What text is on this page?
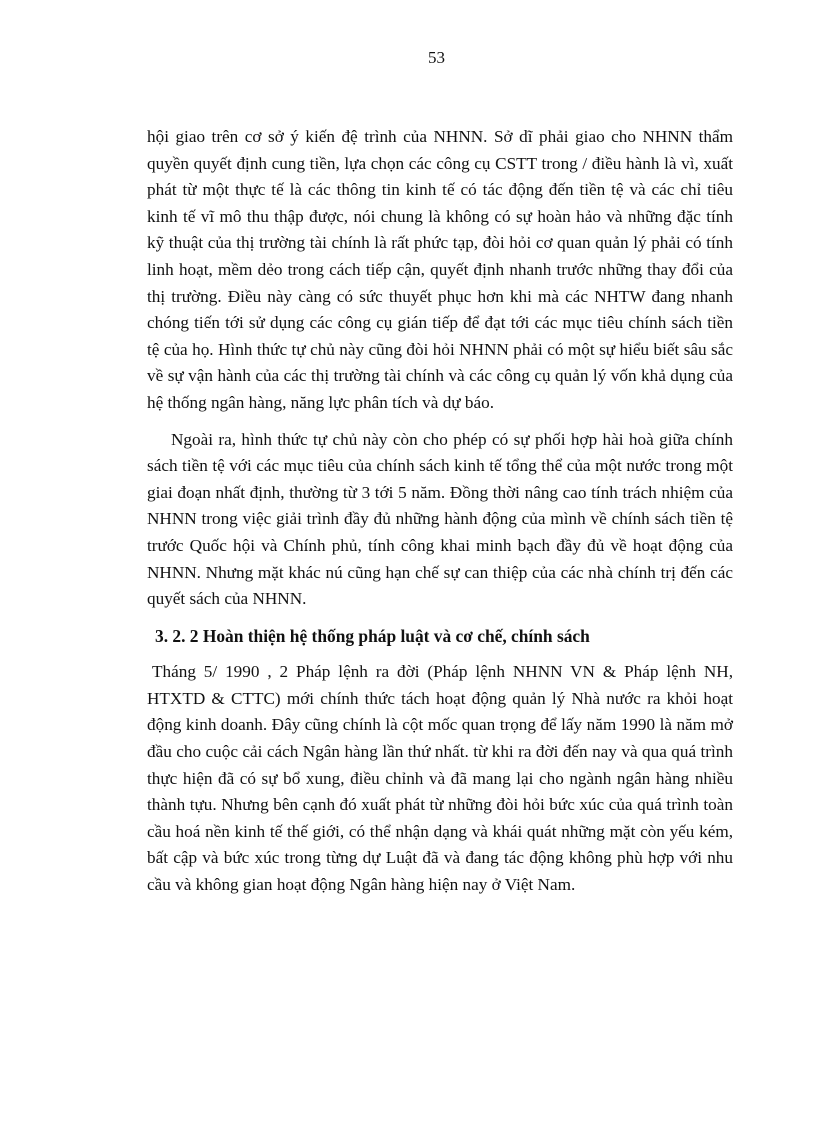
53

hội giao trên cơ sở ý kiến đệ trình của NHNN. Sở dĩ phải giao cho NHNN thẩm quyền quyết định cung tiền, lựa chọn các công cụ CSTT trong / điều hành là vì, xuất phát từ một thực tế là các thông tin kinh tế có tác động đến tiền tệ và các chỉ tiêu kinh tế vĩ mô thu thập được, nói chung là không có sự hoàn hảo và những đặc tính kỹ thuật của thị trường tài chính là rất phức tạp, đòi hỏi cơ quan quản lý phải có tính linh hoạt, mềm dẻo trong cách tiếp cận, quyết định nhanh trước những thay đổi của thị trường. Điều này càng có sức thuyết phục hơn khi mà các NHTW đang nhanh chóng tiến tới sử dụng các công cụ gián tiếp để đạt tới các mục tiêu chính sách tiền tệ của họ. Hình thức tự chủ này cũng đòi hỏi NHNN phải có một sự hiểu biết sâu sắc về sự vận hành của các thị trường tài chính và các công cụ quản lý vốn khả dụng của hệ thống ngân hàng, năng lực phân tích và dự báo.

Ngoài ra, hình thức tự chủ này còn cho phép có sự phối hợp hài hoà giữa chính sách tiền tệ với các mục tiêu của chính sách kinh tế tổng thể của một nước trong một giai đoạn nhất định, thường từ 3 tới 5 năm. Đồng thời nâng cao tính trách nhiệm của NHNN trong việc giải trình đầy đủ những hành động của mình về chính sách tiền tệ trước Quốc hội và Chính phủ, tính công khai minh bạch đầy đủ về hoạt động của NHNN. Nhưng mặt khác nú cũng hạn chế sự can thiệp của các nhà chính trị đến các quyết sách của NHNN.

3. 2. 2 Hoàn thiện hệ thống pháp luật và cơ chế, chính sách

Tháng 5/ 1990 , 2 Pháp lệnh ra đời (Pháp lệnh NHNN VN & Pháp lệnh NH, HTXTD & CTTC) mới chính thức tách hoạt động quản lý Nhà nước ra khỏi hoạt động kinh doanh. Đây cũng chính là cột mốc quan trọng để lấy năm 1990 là năm mở đầu cho cuộc cải cách Ngân hàng lần thứ nhất. từ khi ra đời đến nay và qua quá trình thực hiện đã có sự bổ xung, điều chỉnh và đã mang lại cho ngành ngân hàng nhiều thành tựu. Nhưng bên cạnh đó xuất phát từ những đòi hỏi bức xúc của quá trình toàn cầu hoá nền kinh tế thế giới, có thể nhận dạng và khái quát những mặt còn yếu kém, bất cập và bức xúc trong từng dự Luật đã và đang tác động không phù hợp với nhu cầu và không gian hoạt động Ngân hàng hiện nay ở Việt Nam.
